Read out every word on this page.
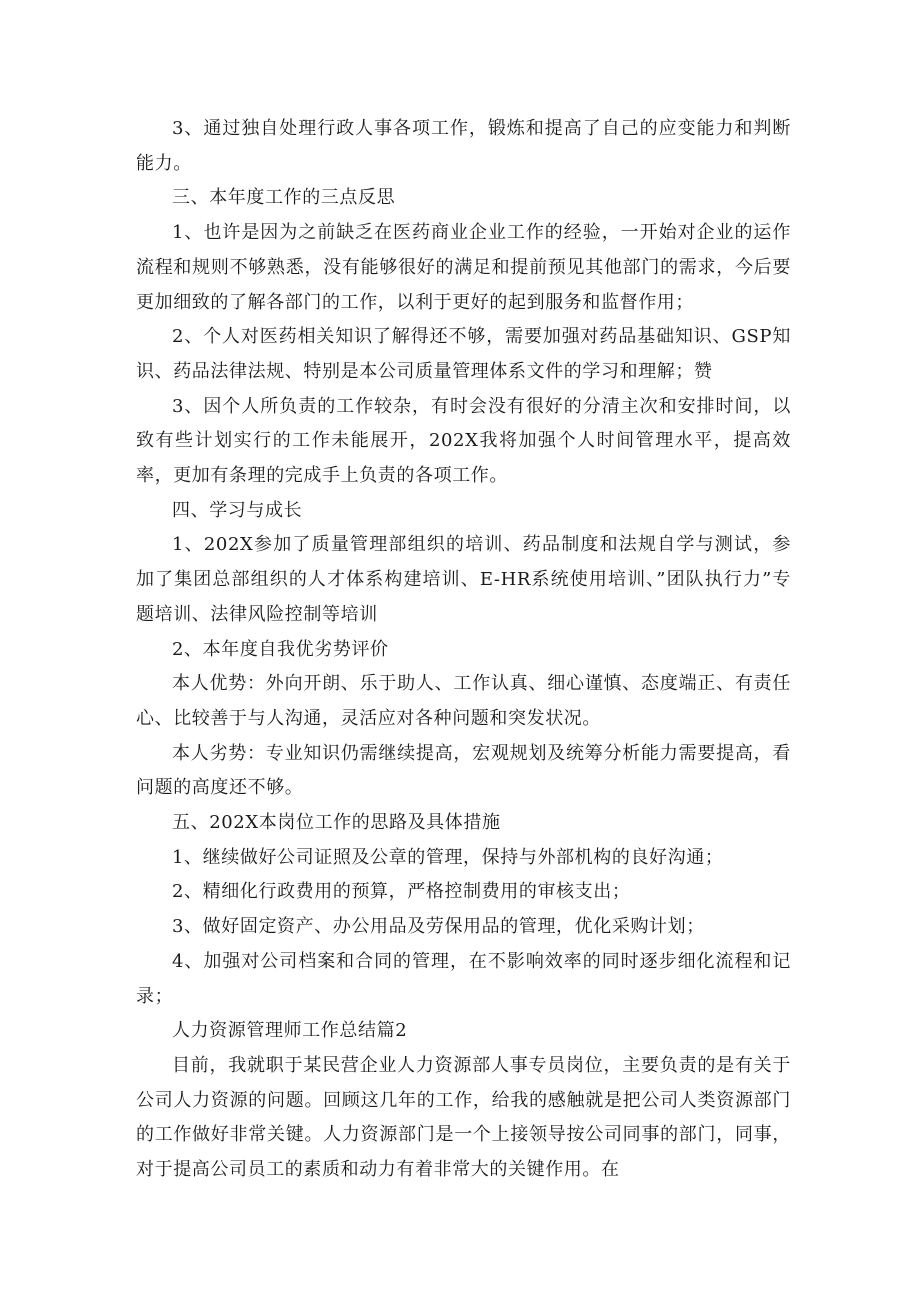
3、通过独自处理行政人事各项工作，锻炼和提高了自己的应变能力和判断能力。

三、本年度工作的三点反思

1、也许是因为之前缺乏在医药商业企业工作的经验，一开始对企业的运作流程和规则不够熟悉，没有能够很好的满足和提前预见其他部门的需求，今后要更加细致的了解各部门的工作，以利于更好的起到服务和监督作用；

2、个人对医药相关知识了解得还不够，需要加强对药品基础知识、GSP知识、药品法律法规、特别是本公司质量管理体系文件的学习和理解；赞

3、因个人所负责的工作较杂，有时会没有很好的分清主次和安排时间，以致有些计划实行的工作未能展开，202X我将加强个人时间管理水平，提高效率，更加有条理的完成手上负责的各项工作。

四、学习与成长

1、202X参加了质量管理部组织的培训、药品制度和法规自学与测试，参加了集团总部组织的人才体系构建培训、E-HR系统使用培训、”团队执行力”专题培训、法律风险控制等培训

2、本年度自我优劣势评价

本人优势：外向开朗、乐于助人、工作认真、细心谨慎、态度端正、有责任心、比较善于与人沟通，灵活应对各种问题和突发状况。

本人劣势：专业知识仍需继续提高，宏观规划及统筹分析能力需要提高，看问题的高度还不够。

五、202X本岗位工作的思路及具体措施

1、继续做好公司证照及公章的管理，保持与外部机构的良好沟通；

2、精细化行政费用的预算，严格控制费用的审核支出；

3、做好固定资产、办公用品及劳保用品的管理，优化采购计划；

4、加强对公司档案和合同的管理，在不影响效率的同时逐步细化流程和记录；

人力资源管理师工作总结篇2

目前，我就职于某民营企业人力资源部人事专员岗位，主要负责的是有关于公司人力资源的问题。回顾这几年的工作，给我的感触就是把公司人类资源部门的工作做好非常关键。人力资源部门是一个上接领导按公司同事的部门，同事，对于提高公司员工的素质和动力有着非常大的关键作用。在
